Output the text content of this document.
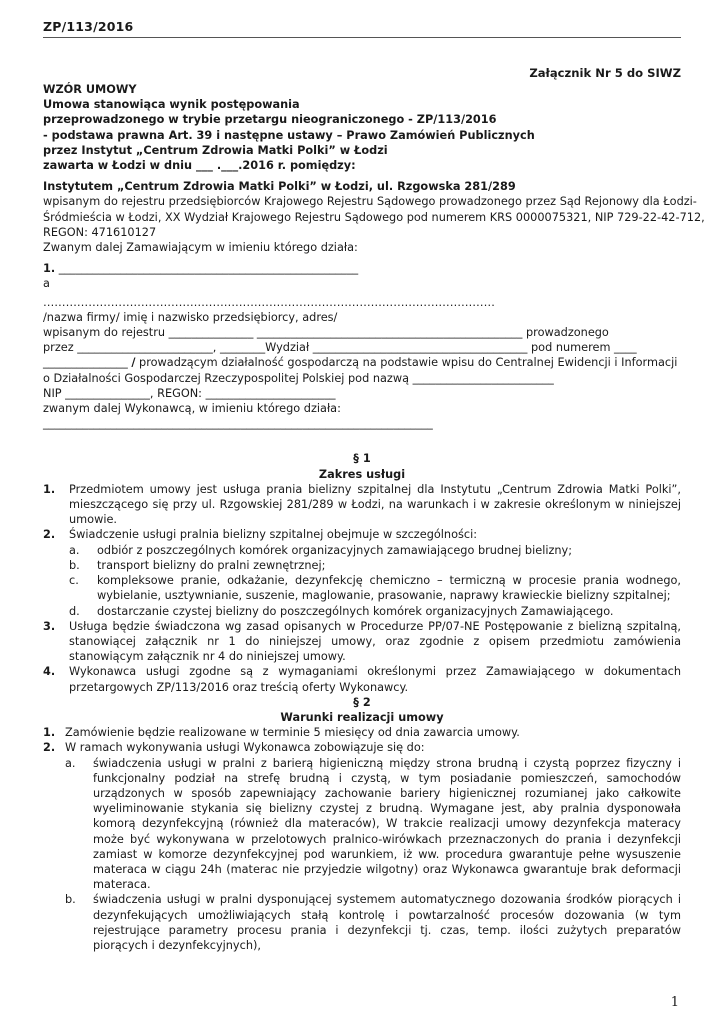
ZP/113/2016
Załącznik Nr 5 do SIWZ
WZÓR UMOWY
Umowa stanowiąca wynik postępowania
przeprowadzonego w trybie przetargu nieograniczonego - ZP/113/2016
- podstawa prawna Art. 39 i następne ustawy – Prawo Zamówień Publicznych
przez Instytut „Centrum Zdrowia Matki Polki” w Łodzi
zawarta w Łodzi w dniu ___ .___.2016 r. pomiędzy:
Instytutem „Centrum Zdrowia Matki Polki” w Łodzi, ul. Rzgowska 281/289
wpisanym do rejestru przedsiębiorców Krajowego Rejestru Sądowego prowadzonego przez Sąd Rejonowy dla Łodzi-
Śródmieścia w Łodzi, XX Wydział Krajowego Rejestru Sądowego pod numerem KRS 0000075321, NIP 729-22-42-712,
REGON: 471610127
Zwanym dalej Zamawiającym w imieniu którego działa:
1. _____________________________________________________
a
…………………………………………………………………………………………………………
/nazwa firmy/ imię i nazwisko przedsiębiorcy, adres/
wpisanym do rejestru _______________ _______________________________________________ prowadzonego
przez ________________________, ________Wydział ______________________________________ pod numerem ____
_______________ / prowadzącym działalność gospodarczą na podstawie wpisu do Centralnej Ewidencji i Informacji
o Działalności Gospodarczej Rzeczypospolitej Polskiej pod nazwą _________________________
NIP _______________, REGON: _______________________
zwanym dalej Wykonawcą, w imieniu którego działa:
_____________________________________________________________________
§ 1
Zakres usługi
1.	Przedmiotem umowy jest usługa prania bielizny szpitalnej dla Instytutu „Centrum Zdrowia Matki Polki”, mieszczącego się przy ul. Rzgowskiej 281/289 w Łodzi, na warunkach i w zakresie określonym w niniejszej umowie.
2.	Świadczenie usługi pralnia bielizny szpitalnej obejmuje w szczególności:
a.	odbiór z poszczególnych komórek organizacyjnych zamawiającego brudnej bielizny;
b.	transport bielizny do pralni zewnętrznej;
c.	kompleksowe pranie, odkażanie, dezynfekcję chemiczno – termiczną w procesie prania wodnego, wybielanie, usztywnianie, suszenie, maglowanie, prasowanie, naprawy krawieckie bielizny szpitalnej;
d.	dostarczanie czystej bielizny do poszczególnych komórek organizacyjnych Zamawiającego.
3.	Usługa będzie świadczona wg zasad opisanych w Procedurze PP/07-NE Postępowanie z bielizną szpitalną, stanowiącej załącznik nr 1 do niniejszej umowy, oraz zgodnie z opisem przedmiotu zamówienia stanowiącym załącznik nr 4 do niniejszej umowy.
4.	Wykonawca usługi zgodne są z wymaganiami określonymi przez Zamawiającego w dokumentach przetargowych ZP/113/2016 oraz treścią oferty Wykonawcy.
§ 2
Warunki realizacji umowy
1. Zamówienie będzie realizowane w terminie 5 miesięcy od dnia zawarcia umowy.
2. W ramach wykonywania usługi Wykonawca zobowiązuje się do:
a.	świadczenia usługi w pralni z barierą higieniczną między strona brudną i czystą poprzez fizyczny i funkcjonalny podział na strefę brudną i czystą, w tym posiadanie pomieszczeń, samochodów urządzonych w sposób zapewniający zachowanie bariery higienicznej rozumianej jako całkowite wyeliminowanie stykania się bielizny czystej z brudną. Wymagane jest, aby pralnia dysponowała komorą dezynfekcyjną (również dla materaców), W trakcie realizacji umowy dezynfekcja materacy może być wykonywana w przelotowych pralnico-wirówkach przeznaczonych do prania i dezynfekcji zamiast w komorze dezynfekcyjnej pod warunkiem, iż ww. procedura gwarantuje pełne wysuszenie materaca w ciągu 24h (materac nie przyjedzie wilgotny) oraz Wykonawca gwarantuje brak deformacji materaca.
b.	świadczenia usługi w pralni dysponującej systemem automatycznego dozowania środków piorących i dezynfekujących umożliwiających stałą kontrolę i powtarzalność procesów dozowania (w tym rejestrujące parametry procesu prania i dezynfekcji tj. czas, temp. ilości zużytych preparatów piorących i dezynfekcyjnych),
1
